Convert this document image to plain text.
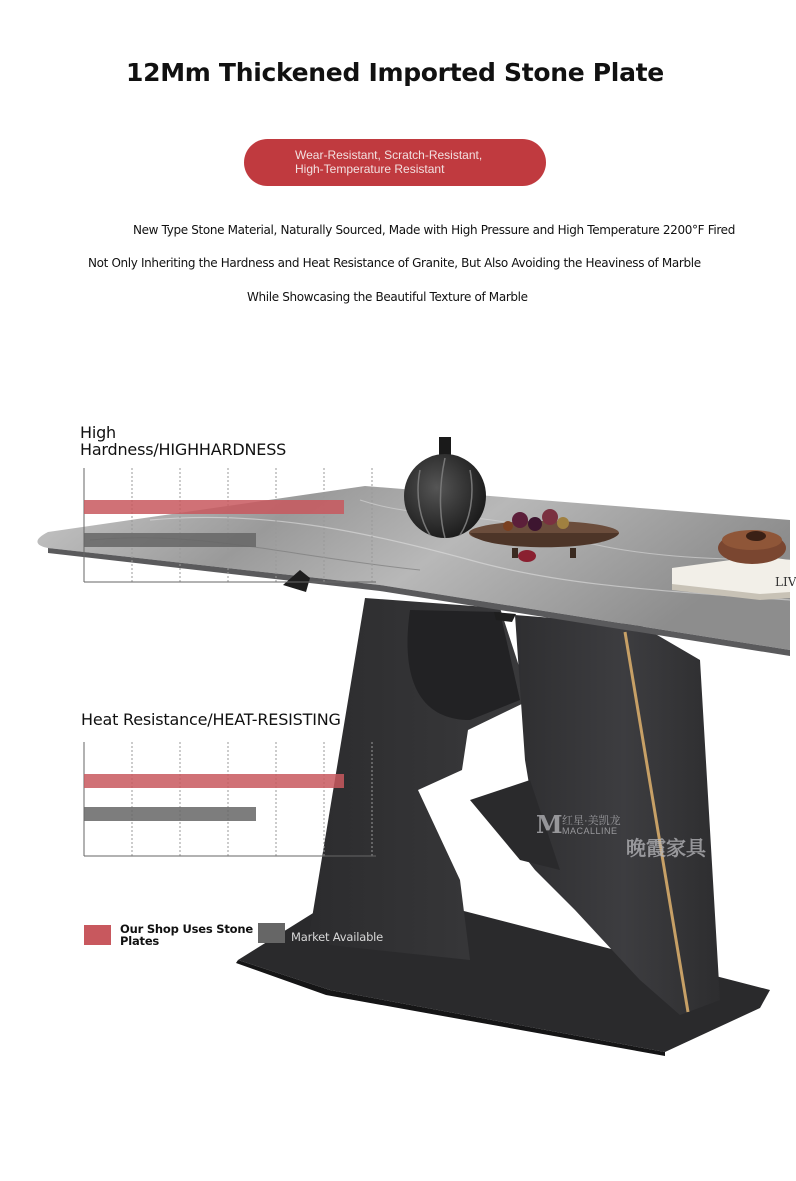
LIV
M 红星·美凯龙
MACALLINE
晚霞家具
12Mm Thickened Imported Stone Plate
Wear-Resistant, Scratch-Resistant,
High-Temperature Resistant
New Type Stone Material, Naturally Sourced, Made with High Pressure and High Temperature 2200°F Fired
Not Only Inheriting the Hardness and Heat Resistance of Granite, But Also Avoiding the Heaviness of Marble
While Showcasing the Beautiful Texture of Marble
High
Hardness/HIGHHARDNESS
Heat Resistance/HEAT-RESISTING
Our Shop Uses Stone
Plates	Market Available
